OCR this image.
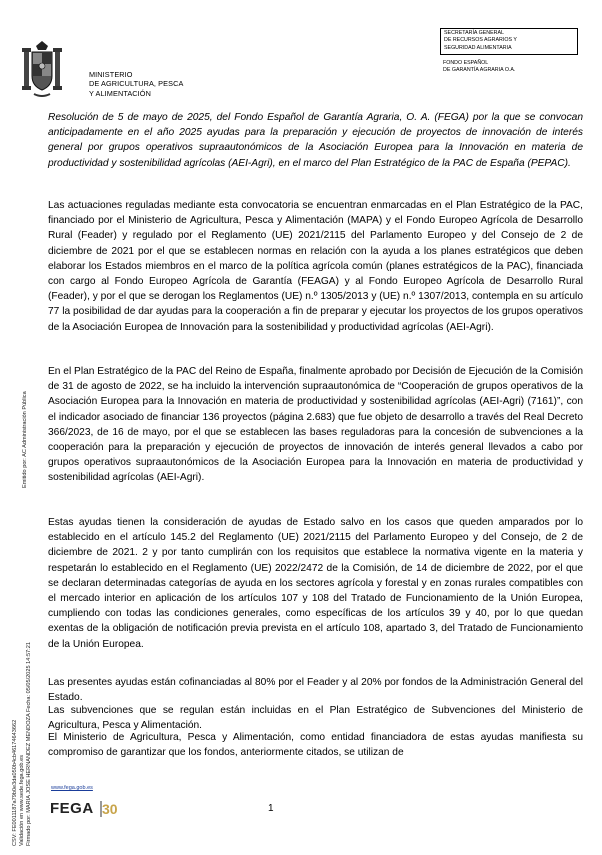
MINISTERIO
DE AGRICULTURA, PESCA
Y ALIMENTACIÓN
SECRETARÍA GENERAL
DE RECURSOS AGRARIOS Y
SEGURIDAD ALIMENTARIA
FONDO ESPAÑOL
DE GARANTÍA AGRARIA O.A.

Resolución de 5 de mayo de 2025, del Fondo Español de Garantía Agraria, O. A. (FEGA) por la que se convocan anticipadamente en el año 2025 ayudas para la preparación y ejecución de proyectos de innovación de interés general por grupos operativos supraautonómicos de la Asociación Europea para la Innovación en materia de productividad y sostenibilidad agrícolas (AEI-Agri), en el marco del Plan Estratégico de la PAC de España (PEPAC).

Las actuaciones reguladas mediante esta convocatoria se encuentran enmarcadas en el Plan Estratégico de la PAC, financiado por el Ministerio de Agricultura, Pesca y Alimentación (MAPA) y el Fondo Europeo Agrícola de Desarrollo Rural (Feader) y regulado por el Reglamento (UE) 2021/2115 del Parlamento Europeo y del Consejo de 2 de diciembre de 2021 por el que se establecen normas en relación con la ayuda a los planes estratégicos que deben elaborar los Estados miembros en el marco de la política agrícola común (planes estratégicos de la PAC), financiada con cargo al Fondo Europeo Agrícola de Garantía (FEAGA) y al Fondo Europeo Agrícola de Desarrollo Rural (Feader), y por el que se derogan los Reglamentos (UE) n.º 1305/2013 y (UE) n.º 1307/2013, contempla en su artículo 77 la posibilidad de dar ayudas para la cooperación a fin de preparar y ejecutar los proyectos de los grupos operativos de la Asociación Europea de Innovación para la sostenibilidad y productividad agrícolas (AEI-Agri).

En el Plan Estratégico de la PAC del Reino de España, finalmente aprobado por Decisión de Ejecución de la Comisión de 31 de agosto de 2022, se ha incluido la intervención supraautonómica de “Cooperación de grupos operativos de la Asociación Europea para la Innovación en materia de productividad y sostenibilidad agrícolas (AEI-Agri) (7161)”, con el indicador asociado de financiar 136 proyectos (página 2.683) que fue objeto de desarrollo a través del Real Decreto 366/2023, de 16 de mayo, por el que se establecen las bases reguladoras para la concesión de subvenciones a la cooperación para la preparación y ejecución de proyectos de innovación de interés general llevados a cabo por grupos operativos supraautonómicos de la Asociación Europea para la Innovación en materia de productividad y sostenibilidad agrícolas (AEI-Agri).

Estas ayudas tienen la consideración de ayudas de Estado salvo en los casos que queden amparados por lo establecido en el artículo 145.2 del Reglamento (UE) 2021/2115 del Parlamento Europeo y del Consejo, de 2 de diciembre de 2021. 2 y por tanto cumplirán con los requisitos que establece la normativa vigente en la materia y respetarán lo establecido en el Reglamento (UE) 2022/2472 de la Comisión, de 14 de diciembre de 2022, por el que se declaran determinadas categorías de ayuda en los sectores agrícola y forestal y en zonas rurales compatibles con el mercado interior en aplicación de los artículos 107 y 108 del Tratado de Funcionamiento de la Unión Europea, cumpliendo con todas las condiciones generales, como específicas de los artículos 39 y 40, por lo que quedan exentas de la obligación de notificación previa prevista en el artículo 108, apartado 3, del Tratado de Funcionamiento de la Unión Europea.

Las presentes ayudas están cofinanciadas al 80% por el Feader y al 20% por fondos de la Administración General del Estado.

Las subvenciones que se regulan están incluidas en el Plan Estratégico de Subvenciones del Ministerio de Agricultura, Pesca y Alimentación.

El Ministerio de Agricultura, Pesca y Alimentación, como entidad financiadora de estas ayudas manifiesta su compromiso de garantizar que los fondos, anteriormente citados, se utilizan de

Emitido por: AC Administración Pública
CSV: FE0011187a79b0e3da050b4cb46174643662 Validación en www.sede.fega.gob.es Firmado por: MARIA JOSE HERNANDEZ MENDOZA Fecha: 05/05/2025 14:57:21	www.fega.gob.es
FEGA 30	1
